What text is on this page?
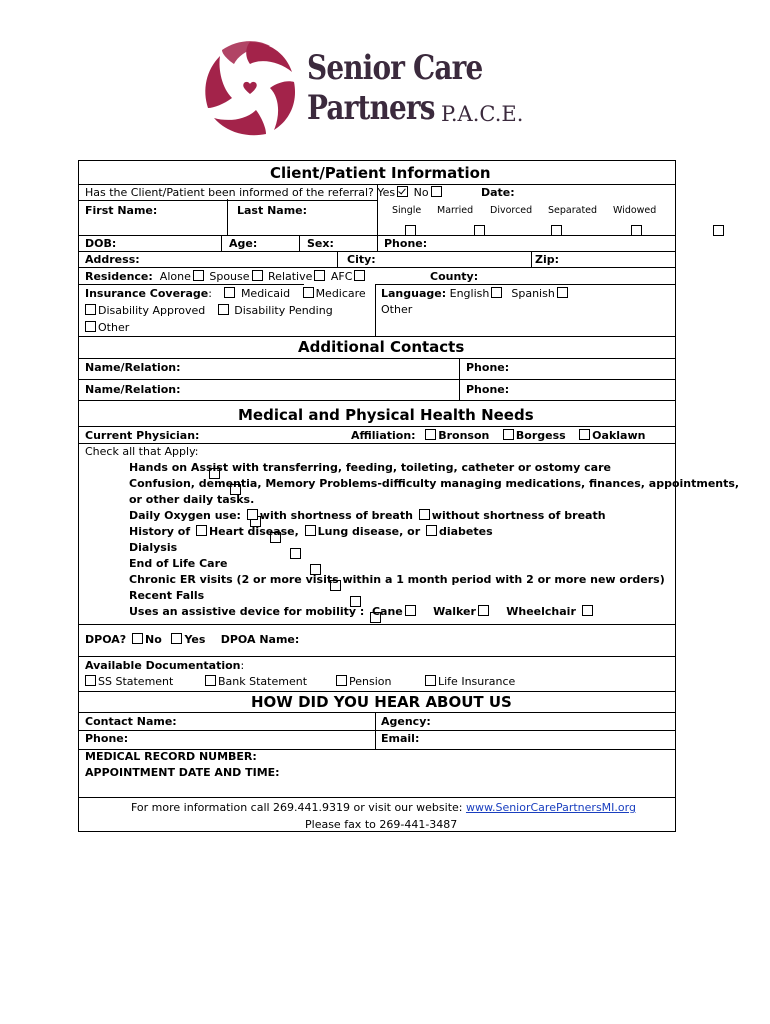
Senior Care
Partners P.A.C.E.
Client/Patient Information
Has the Client/Patient been informed of the referral? Yes No	Date:
First Name:	Last Name:	Single Married Divorced Separated Widowed

DOB:	Age:	Sex:	Phone:
Address:	City:	Zip:
Residence: Alone Spouse Relative AFC	County:
Insurance Coverage:    Medicaid Medicare
Disability Approved	Disability Pending
Other
Language: English Spanish
Other
Additional Contacts
Name/Relation:	Phone:
Name/Relation:	Phone:
Medical and Physical Health Needs
Current Physician:	Affiliation: Bronson Borgess Oaklawn
Check all that Apply:

Hands on Assist with transferring, feeding, toileting, catheter or ostomy care

Confusion, dementia, Memory Problems-difficulty managing medications, finances, appointments,
or other daily tasks.

Daily Oxygen use: with shortness of breath without shortness of breath

History of Heart disease, Lung disease, or diabetes

Dialysis

End of Life Care

Chronic ER visits (2 or more visits within a 1 month period with 2 or more new orders)

Recent Falls
Uses an assistive device for mobility : Cane	Walker	Wheelchair
DPOA? No Yes DPOA Name:
Available Documentation:
SS Statement	Bank Statement	Pension	Life Insurance
HOW DID YOU HEAR ABOUT US
Contact Name:	Agency:
Phone:	Email:
MEDICAL RECORD NUMBER:
APPOINTMENT DATE AND TIME:
For more information call 269.441.9319 or visit our website: www.SeniorCarePartnersMI.org
Please fax to 269-441-3487
